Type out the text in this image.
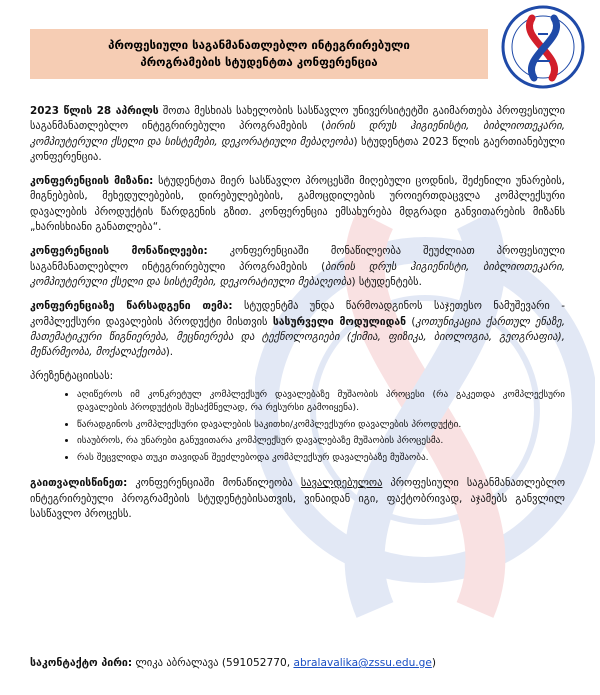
პროფესიული საგანმანათლებლო ინტეგრირებული
პროგრამების სტუდენტთა კონფერენცია

2023 წლის 28 აპრილს შოთა მესხიას სახელობის სასწავლო უნივერსიტეტში გაიმართება პროფესიული საგანმანათლებლო ინტეგრირებული პროგრამების (ბირის დრუს ჰიგიენისტი, ბიბლიოთეკარი, კომპიუტერული ქსელი და სისტემები, დეკორატიული მებაღეობა) სტუდენტთა 2023 წლის გაერთიანებული კონფერენცია.

კონფერენციის მიზანი: სტუდენტთა მიერ სასწავლო პროცესში მიღებული ცოდნის, შეძენილი უნარების, მიგნებების, მეხედულებების, დირებულებების, გამოცდილების უროიერთდაცვლა კომპლექსური დავალების პროდუქტის წარდგენის გზით. კონფერენცია ემსახურება მდგრადი განვითარების მიზანს „ხარისხიანი განათლება“.

კონფერენციის მონაწილეები: კონფერენციაში მონაწილეობა შეუძლიათ პროფესიული საგანმანათლებლო ინტეგრირებული პროგრამების (ბირის დრუს ჰიგიენისტი, ბიბლიოთეკარი, კომპიუტერული ქსელი და სისტემები, დეკორატიული მებაღეობა) სტუდენტებს.

კონფერენციაზე წარსადგენი თემა: სტუდენტმა უნდა წარმოადგინოს საჯეთესო ნამუშევარი - კომპლექსური დავალების პროდუქტი მისთვის სასურველი მოდულიდან (კოთუნიკაცია ქართულ ენაზე, მათემატიკური წიგნიერება, მეცნიერება და ტექნოლოგიები (ქიმია, ფიზიკა, ბიოლოგია, გეოგრაფია), მეწარმეობა, მოქალაქეობა).

პრეზენტაციისას:
• აღიწეროს იმ კონკრეტულ კომპლექსურ დავალებაზე მუშაობის პროცესი (რა გაკეთდა კომპლექსური დავალების პროდუქტის შესაქმნელად, რა რესურსი გამოიყენა).
• წარადგინოს კომპლექსური დავალების საკითხი/კომპლექსური დავალების პროდუქტი.
• ისაუბროს, რა უნარები განუვითარა კომპლექსურ დავალებაზე მუშაობის პროცესმა.
• რას შეცვლიდა თუკი თავიდან შეეძლებოდა კომპლექსურ დავალებაზე მუშაობა.

გაითვალისწინეთ: კონფერენციაში მონაწილეობა სავალდებულოა პროფესიული საგანმანათლებლო ინტეგრირებული პროგრამების სტუდენტებისათვის, ვინაიდან იგი, ფაქტობრივად, აჯამებს განვლილ სასწავლო პროცესს.

საკონტაქტო პირი: ლიკა აბრალავა (591052770, abralavalika@zssu.edu.ge)
